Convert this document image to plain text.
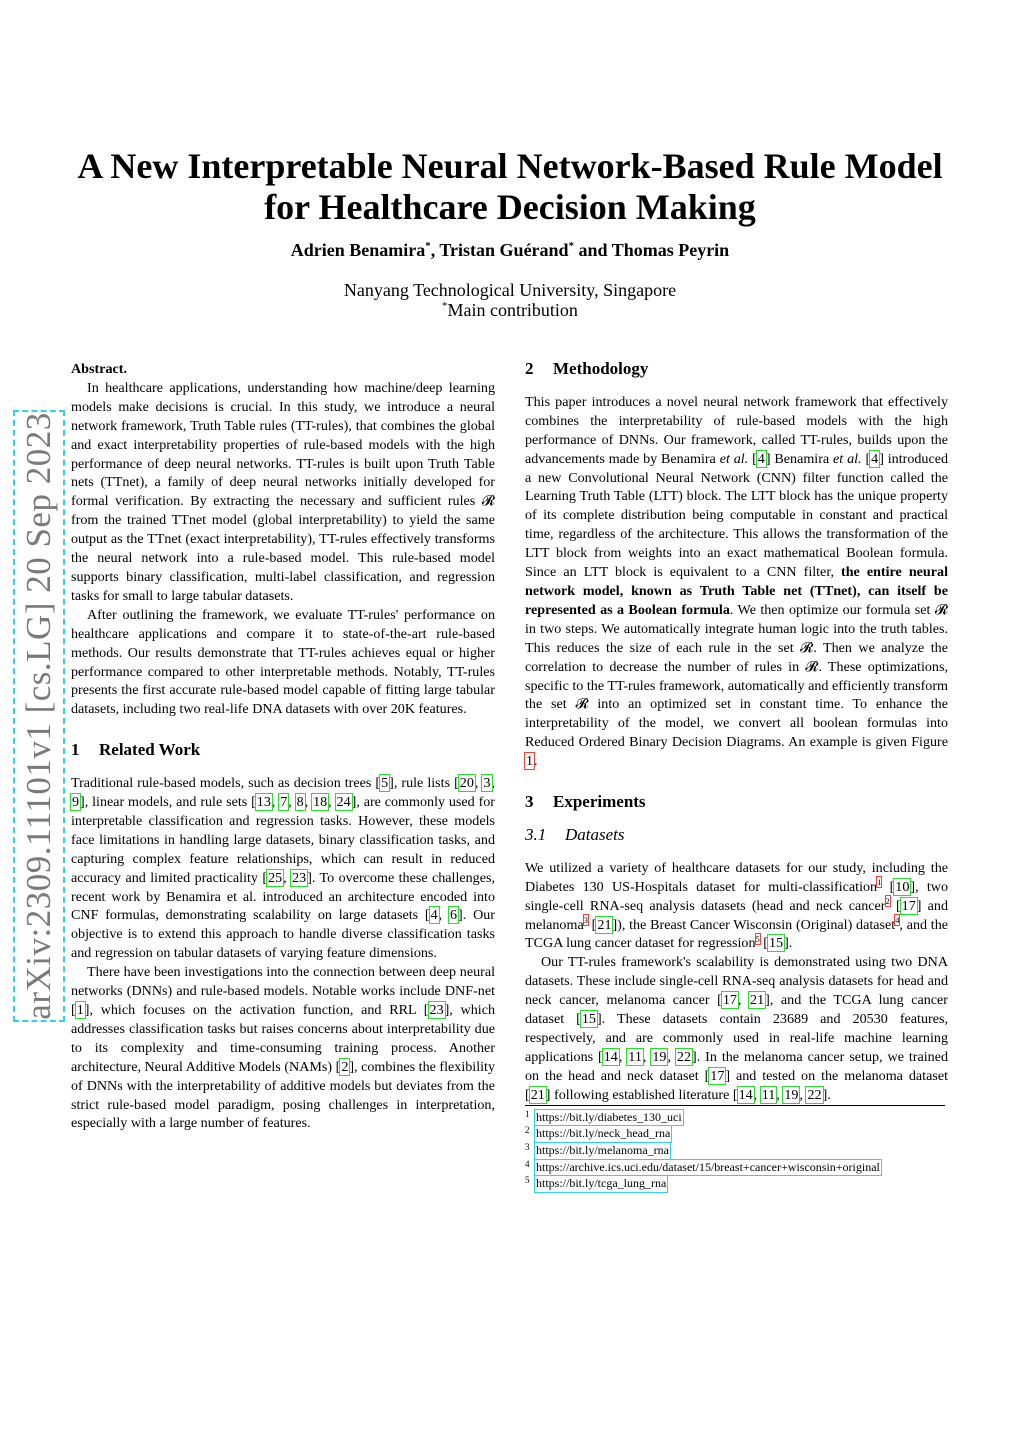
arXiv:2309.11101v1 [cs.LG] 20 Sep 2023
A New Interpretable Neural Network-Based Rule Model
for Healthcare Decision Making
Adrien Benamira*, Tristan Guérand* and Thomas Peyrin
Nanyang Technological University, Singapore
*Main contribution

Abstract.

In healthcare applications, understanding how machine/deep learning models make decisions is crucial. In this study, we introduce a neural network framework, Truth Table rules (TT-rules), that combines the global and exact interpretability properties of rule-based models with the high performance of deep neural networks. TT-rules is built upon Truth Table nets (TTnet), a family of deep neural networks initially developed for formal verification. By extracting the necessary and sufficient rules 𝓡 from the trained TTnet model (global interpretability) to yield the same output as the TTnet (exact interpretability), TT-rules effectively transforms the neural network into a rule-based model. This rule-based model supports binary classification, multi-label classification, and regression tasks for small to large tabular datasets.

After outlining the framework, we evaluate TT-rules' performance on healthcare applications and compare it to state-of-the-art rule-based methods. Our results demonstrate that TT-rules achieves equal or higher performance compared to other interpretable methods. Notably, TT-rules presents the first accurate rule-based model capable of fitting large tabular datasets, including two real-life DNA datasets with over 20K features.

1 Related Work

Traditional rule-based models, such as decision trees [5], rule lists [20, 3, 9], linear models, and rule sets [13, 7, 8, 18, 24], are commonly used for interpretable classification and regression tasks. However, these models face limitations in handling large datasets, binary classification tasks, and capturing complex feature relationships, which can result in reduced accuracy and limited practicality [25, 23]. To overcome these challenges, recent work by Benamira et al. introduced an architecture encoded into CNF formulas, demonstrating scalability on large datasets [4, 6]. Our objective is to extend this approach to handle diverse classification tasks and regression on tabular datasets of varying feature dimensions.

There have been investigations into the connection between deep neural networks (DNNs) and rule-based models. Notable works include DNF-net [1], which focuses on the activation function, and RRL [23], which addresses classification tasks but raises concerns about interpretability due to its complexity and time-consuming training process. Another architecture, Neural Additive Models (NAMs) [2], combines the flexibility of DNNs with the interpretability of additive models but deviates from the strict rule-based model paradigm, posing challenges in interpretation, especially with a large number of features.

2 Methodology

This paper introduces a novel neural network framework that effectively combines the interpretability of rule-based models with the high performance of DNNs. Our framework, called TT-rules, builds upon the advancements made by Benamira et al. [4] Benamira et al. [4] introduced a new Convolutional Neural Network (CNN) filter function called the Learning Truth Table (LTT) block. The LTT block has the unique property of its complete distribution being computable in constant and practical time, regardless of the architecture. This allows the transformation of the LTT block from weights into an exact mathematical Boolean formula. Since an LTT block is equivalent to a CNN filter, the entire neural network model, known as Truth Table net (TTnet), can itself be represented as a Boolean formula. We then optimize our formula set 𝓡 in two steps. We automatically integrate human logic into the truth tables. This reduces the size of each rule in the set 𝓡. Then we analyze the correlation to decrease the number of rules in 𝓡. These optimizations, specific to the TT-rules framework, automatically and efficiently transform the set 𝓡 into an optimized set in constant time. To enhance the interpretability of the model, we convert all boolean formulas into Reduced Ordered Binary Decision Diagrams. An example is given Figure 1.

3 Experiments
3.1 Datasets

We utilized a variety of healthcare datasets for our study, including the Diabetes 130 US-Hospitals dataset for multi-classification$^1$ [10], two single-cell RNA-seq analysis datasets (head and neck cancer$^2$ [17] and melanoma$^3$ [21]), the Breast Cancer Wisconsin (Original) dataset$^4$, and the TCGA lung cancer dataset for regression$^5$ [15].

Our TT-rules framework's scalability is demonstrated using two DNA datasets. These include single-cell RNA-seq analysis datasets for head and neck cancer, melanoma cancer [17, 21], and the TCGA lung cancer dataset [15]. These datasets contain 23689 and 20530 features, respectively, and are commonly used in real-life machine learning applications [14, 11, 19, 22]. In the melanoma cancer setup, we trained on the head and neck dataset [17] and tested on the melanoma dataset [21] following established literature [14, 11, 19, 22].

1 https://bit.ly/diabetes_130_uci
2 https://bit.ly/neck_head_rna
3 https://bit.ly/melanoma_rna
4 https://archive.ics.uci.edu/dataset/15/breast+cancer+wisconsin+original
5 https://bit.ly/tcga_lung_rna
